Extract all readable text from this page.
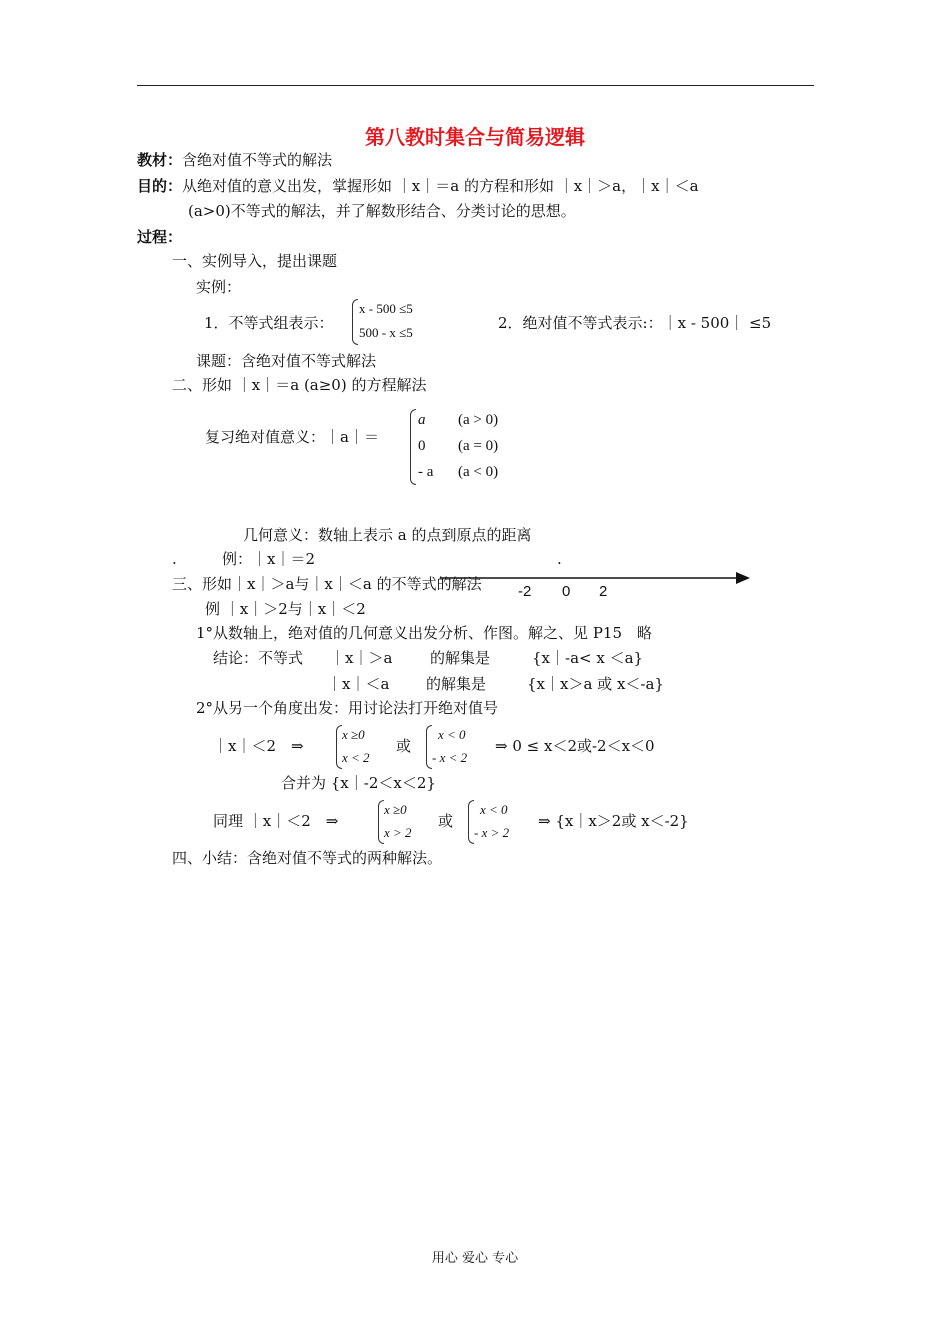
第八教时集合与简易逻辑
教材：含绝对值不等式的解法
目的：从绝对值的意义出发，掌握形如 ｜x｜＝a 的方程和形如 ｜x｜＞a，｜x｜＜a
(a>0)不等式的解法，并了解数形结合、分类讨论的思想。
过程：
一、实例导入，提出课题
实例：
1．不等式组表示：
x - 500 ≤5
500 - x ≤5
2．绝对值不等式表示:：｜x - 500｜ ≤5
课题：含绝对值不等式解法
二、形如 ｜x｜＝a (a≥0) 的方程解法
复习绝对值意义：｜a｜＝
a (a > 0)
0 (a = 0)
- a (a < 0)
几何意义：数轴上表示 a 的点到原点的距离
.	例：｜x｜＝2	.
-2 0 2
三、形如｜x｜＞a与｜x｜＜a 的不等式的解法
例 ｜x｜＞2与｜x｜＜2
1°从数轴上，绝对值的几何意义出发分析、作图。解之、见 P15　略
结论：不等式 ｜x｜＞a	的解集是	{x｜-a< x ＜a}
｜x｜＜a 的解集是	{x｜x＞a 或 x＜-a}
2°从另一个角度出发：用讨论法打开绝对值号
｜x｜＜2　⇒
x ≥0
x < 2
或
x < 0
- x < 2
⇒ 0 ≤ x＜2或-2＜x＜0
合并为 {x｜-2＜x＜2}
同理 ｜x｜＜2　⇒
x ≥0
x > 2
或
x < 0
- x > 2
⇒ {x｜x＞2或 x＜-2}
四、小结：含绝对值不等式的两种解法。
用心 爱心 专心
